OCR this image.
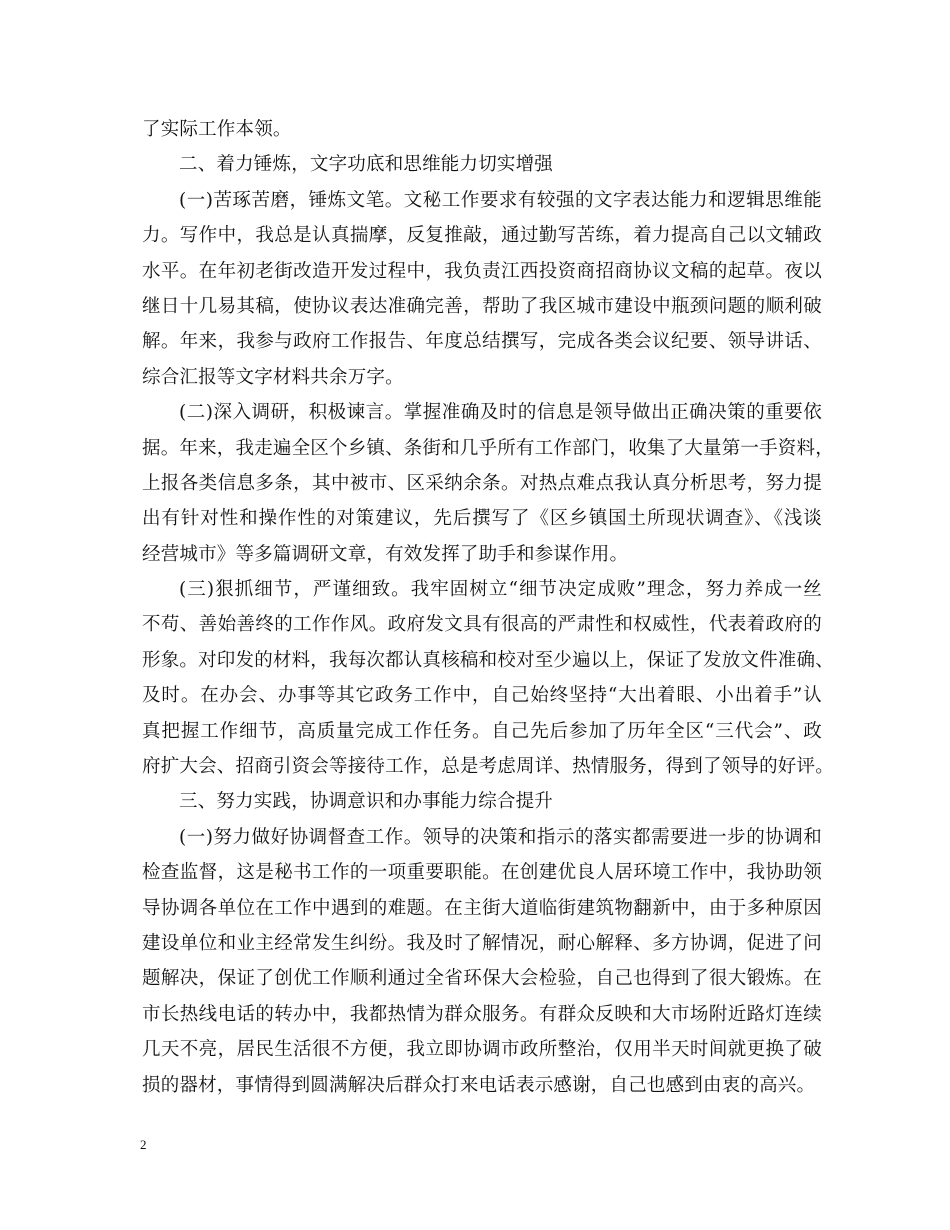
了实际工作本领。
二、着力锤炼，文字功底和思维能力切实增强
(一)苦琢苦磨，锤炼文笔。文秘工作要求有较强的文字表达能力和逻辑思维能
力。写作中，我总是认真揣摩，反复推敲，通过勤写苦练，着力提高自己以文辅政
水平。在年初老街改造开发过程中，我负责江西投资商招商协议文稿的起草。夜以
继日十几易其稿，使协议表达准确完善，帮助了我区城市建设中瓶颈问题的顺利破
解。年来，我参与政府工作报告、年度总结撰写，完成各类会议纪要、领导讲话、
综合汇报等文字材料共余万字。
(二)深入调研，积极谏言。掌握准确及时的信息是领导做出正确决策的重要依
据。年来，我走遍全区个乡镇、条街和几乎所有工作部门，收集了大量第一手资料，
上报各类信息多条，其中被市、区采纳余条。对热点难点我认真分析思考，努力提
出有针对性和操作性的对策建议，先后撰写了《区乡镇国土所现状调查》、《浅谈
经营城市》等多篇调研文章，有效发挥了助手和参谋作用。
(三)狠抓细节，严谨细致。我牢固树立“细节决定成败”理念，努力养成一丝
不苟、善始善终的工作作风。政府发文具有很高的严肃性和权威性，代表着政府的
形象。对印发的材料，我每次都认真核稿和校对至少遍以上，保证了发放文件准确、
及时。在办会、办事等其它政务工作中，自己始终坚持“大出着眼、小出着手”认
真把握工作细节，高质量完成工作任务。自己先后参加了历年全区“三代会”、政
府扩大会、招商引资会等接待工作，总是考虑周详、热情服务，得到了领导的好评。
三、努力实践，协调意识和办事能力综合提升
(一)努力做好协调督查工作。领导的决策和指示的落实都需要进一步的协调和
检查监督，这是秘书工作的一项重要职能。在创建优良人居环境工作中，我协助领
导协调各单位在工作中遇到的难题。在主街大道临街建筑物翻新中，由于多种原因
建设单位和业主经常发生纠纷。我及时了解情况，耐心解释、多方协调，促进了问
题解决，保证了创优工作顺利通过全省环保大会检验，自己也得到了很大锻炼。在
市长热线电话的转办中，我都热情为群众服务。有群众反映和大市场附近路灯连续
几天不亮，居民生活很不方便，我立即协调市政所整治，仅用半天时间就更换了破
损的器材，事情得到圆满解决后群众打来电话表示感谢，自己也感到由衷的高兴。
2
